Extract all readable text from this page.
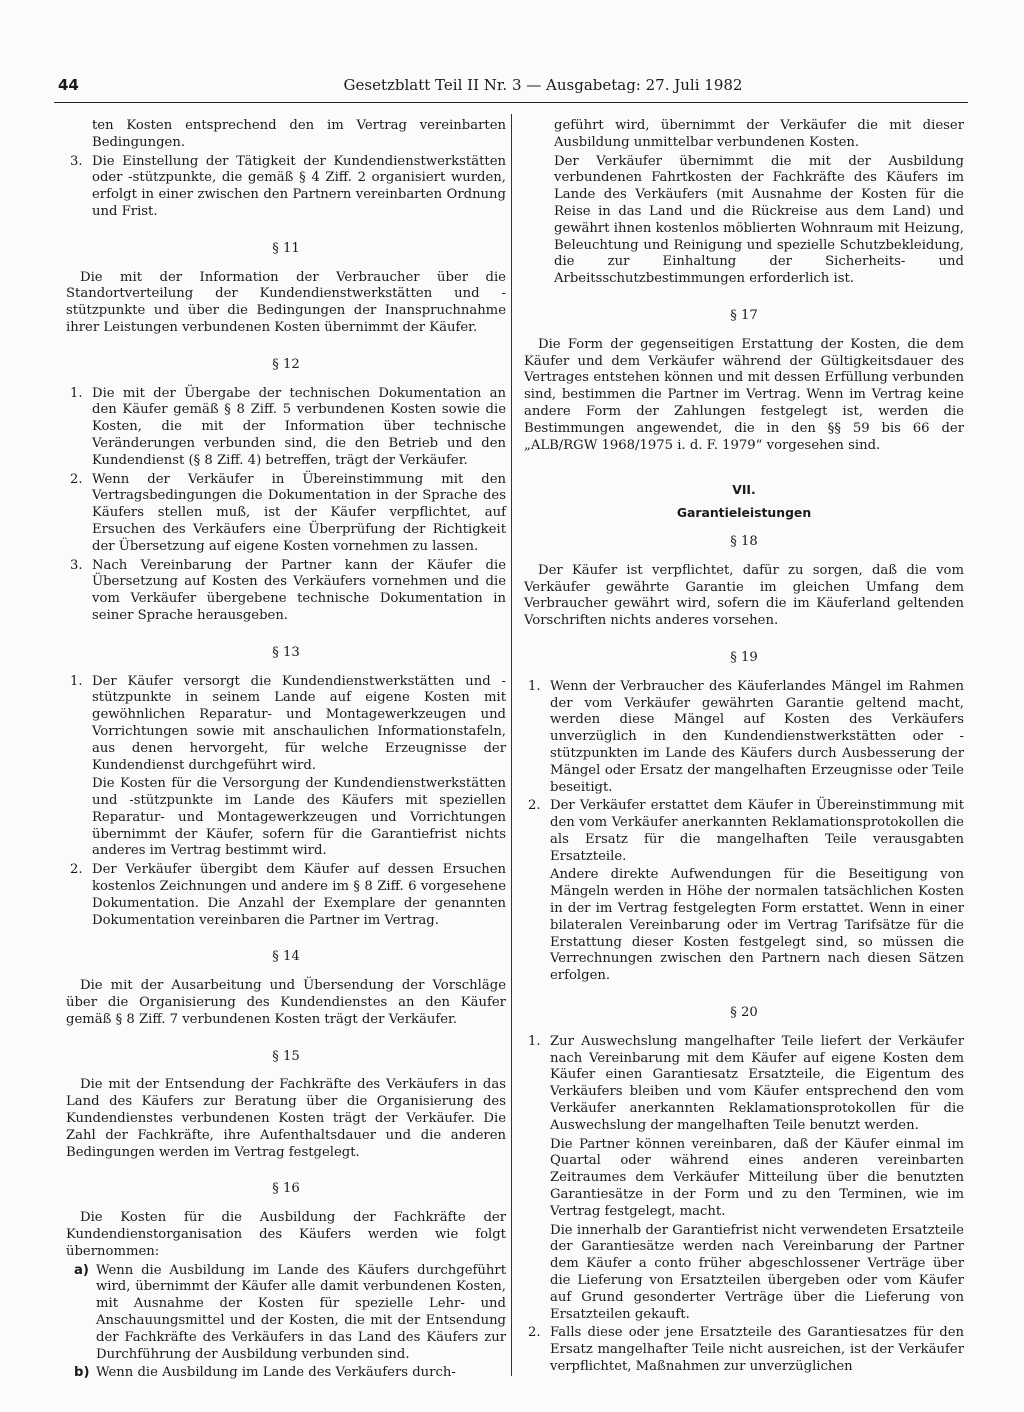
44	Gesetzblatt Teil II Nr. 3 — Ausgabetag: 27. Juli 1982

ten Kosten entsprechend den im Vertrag vereinbarten Bedingungen.

3. Die Einstellung der Tätigkeit der Kundendienstwerkstätten oder -stützpunkte, die gemäß § 4 Ziff. 2 organisiert wurden, erfolgt in einer zwischen den Partnern vereinbarten Ordnung und Frist.
§ 11

Die mit der Information der Verbraucher über die Standortverteilung der Kundendienstwerkstätten und -stützpunkte und über die Bedingungen der Inanspruchnahme ihrer Leistungen verbundenen Kosten übernimmt der Käufer.

§ 12
1. Die mit der Übergabe der technischen Dokumentation an den Käufer gemäß § 8 Ziff. 5 verbundenen Kosten sowie die Kosten, die mit der Information über technische Veränderungen verbunden sind, die den Betrieb und den Kundendienst (§ 8 Ziff. 4) betreffen, trägt der Verkäufer.
2. Wenn der Verkäufer in Übereinstimmung mit den Vertragsbedingungen die Dokumentation in der Sprache des Käufers stellen muß, ist der Käufer verpflichtet, auf Ersuchen des Verkäufers eine Überprüfung der Richtigkeit der Übersetzung auf eigene Kosten vornehmen zu lassen.
3. Nach Vereinbarung der Partner kann der Käufer die Übersetzung auf Kosten des Verkäufers vornehmen und die vom Verkäufer übergebene technische Dokumentation in seiner Sprache herausgeben.
§ 13
1. Der Käufer versorgt die Kundendienstwerkstätten und -stützpunkte in seinem Lande auf eigene Kosten mit gewöhnlichen Reparatur- und Montagewerkzeugen und Vorrichtungen sowie mit anschaulichen Informationstafeln, aus denen hervorgeht, für welche Erzeugnisse der Kundendienst durchgeführt wird.

Die Kosten für die Versorgung der Kundendienstwerkstätten und -stützpunkte im Lande des Käufers mit speziellen Reparatur- und Montagewerkzeugen und Vorrichtungen übernimmt der Käufer, sofern für die Garantiefrist nichts anderes im Vertrag bestimmt wird.

2. Der Verkäufer übergibt dem Käufer auf dessen Ersuchen kostenlos Zeichnungen und andere im § 8 Ziff. 6 vorgesehene Dokumentation. Die Anzahl der Exemplare der genannten Dokumentation vereinbaren die Partner im Vertrag.
§ 14

Die mit der Ausarbeitung und Übersendung der Vorschläge über die Organisierung des Kundendienstes an den Käufer gemäß § 8 Ziff. 7 verbundenen Kosten trägt der Verkäufer.

§ 15

Die mit der Entsendung der Fachkräfte des Verkäufers in das Land des Käufers zur Beratung über die Organisierung des Kundendienstes verbundenen Kosten trägt der Verkäufer. Die Zahl der Fachkräfte, ihre Aufenthaltsdauer und die anderen Bedingungen werden im Vertrag festgelegt.

§ 16

Die Kosten für die Ausbildung der Fachkräfte der Kundendienstorganisation des Käufers werden wie folgt übernommen:

a) Wenn die Ausbildung im Lande des Käufers durchgeführt wird, übernimmt der Käufer alle damit verbundenen Kosten, mit Ausnahme der Kosten für spezielle Lehr- und Anschauungsmittel und der Kosten, die mit der Entsendung der Fachkräfte des Verkäufers in das Land des Käufers zur Durchführung der Ausbildung verbunden sind.
b) Wenn die Ausbildung im Lande des Verkäufers durch-

geführt wird, übernimmt der Verkäufer die mit dieser Ausbildung unmittelbar verbundenen Kosten.

Der Verkäufer übernimmt die mit der Ausbildung verbundenen Fahrtkosten der Fachkräfte des Käufers im Lande des Verkäufers (mit Ausnahme der Kosten für die Reise in das Land und die Rückreise aus dem Land) und gewährt ihnen kostenlos möblierten Wohnraum mit Heizung, Beleuchtung und Reinigung und spezielle Schutzbekleidung, die zur Einhaltung der Sicherheits- und Arbeitsschutzbestimmungen erforderlich ist.

§ 17

Die Form der gegenseitigen Erstattung der Kosten, die dem Käufer und dem Verkäufer während der Gültigkeitsdauer des Vertrages entstehen können und mit dessen Erfüllung verbunden sind, bestimmen die Partner im Vertrag. Wenn im Vertrag keine andere Form der Zahlungen festgelegt ist, werden die Bestimmungen angewendet, die in den §§ 59 bis 66 der „ALB/RGW 1968/1975 i. d. F. 1979“ vorgesehen sind.

VII.
Garantieleistungen
§ 18

Der Käufer ist verpflichtet, dafür zu sorgen, daß die vom Verkäufer gewährte Garantie im gleichen Umfang dem Verbraucher gewährt wird, sofern die im Käuferland geltenden Vorschriften nichts anderes vorsehen.

§ 19
1. Wenn der Verbraucher des Käuferlandes Mängel im Rahmen der vom Verkäufer gewährten Garantie geltend macht, werden diese Mängel auf Kosten des Verkäufers unverzüglich in den Kundendienstwerkstätten oder -stützpunkten im Lande des Käufers durch Ausbesserung der Mängel oder Ersatz der mangelhaften Erzeugnisse oder Teile beseitigt.
2. Der Verkäufer erstattet dem Käufer in Übereinstimmung mit den vom Verkäufer anerkannten Reklamationsprotokollen die als Ersatz für die mangelhaften Teile verausgabten Ersatzteile.

Andere direkte Aufwendungen für die Beseitigung von Mängeln werden in Höhe der normalen tatsächlichen Kosten in der im Vertrag festgelegten Form erstattet. Wenn in einer bilateralen Vereinbarung oder im Vertrag Tarifsätze für die Erstattung dieser Kosten festgelegt sind, so müssen die Verrechnungen zwischen den Partnern nach diesen Sätzen erfolgen.

§ 20
1. Zur Auswechslung mangelhafter Teile liefert der Verkäufer nach Vereinbarung mit dem Käufer auf eigene Kosten dem Käufer einen Garantiesatz Ersatzteile, die Eigentum des Verkäufers bleiben und vom Käufer entsprechend den vom Verkäufer anerkannten Reklamationsprotokollen für die Auswechslung der mangelhaften Teile benutzt werden.

Die Partner können vereinbaren, daß der Käufer einmal im Quartal oder während eines anderen vereinbarten Zeitraumes dem Verkäufer Mitteilung über die benutzten Garantiesätze in der Form und zu den Terminen, wie im Vertrag festgelegt, macht.

Die innerhalb der Garantiefrist nicht verwendeten Ersatzteile der Garantiesätze werden nach Vereinbarung der Partner dem Käufer a conto früher abgeschlossener Verträge über die Lieferung von Ersatzteilen übergeben oder vom Käufer auf Grund gesonderter Verträge über die Lieferung von Ersatzteilen gekauft.

2. Falls diese oder jene Ersatzteile des Garantiesatzes für den Ersatz mangelhafter Teile nicht ausreichen, ist der Verkäufer verpflichtet, Maßnahmen zur unverzüglichen
